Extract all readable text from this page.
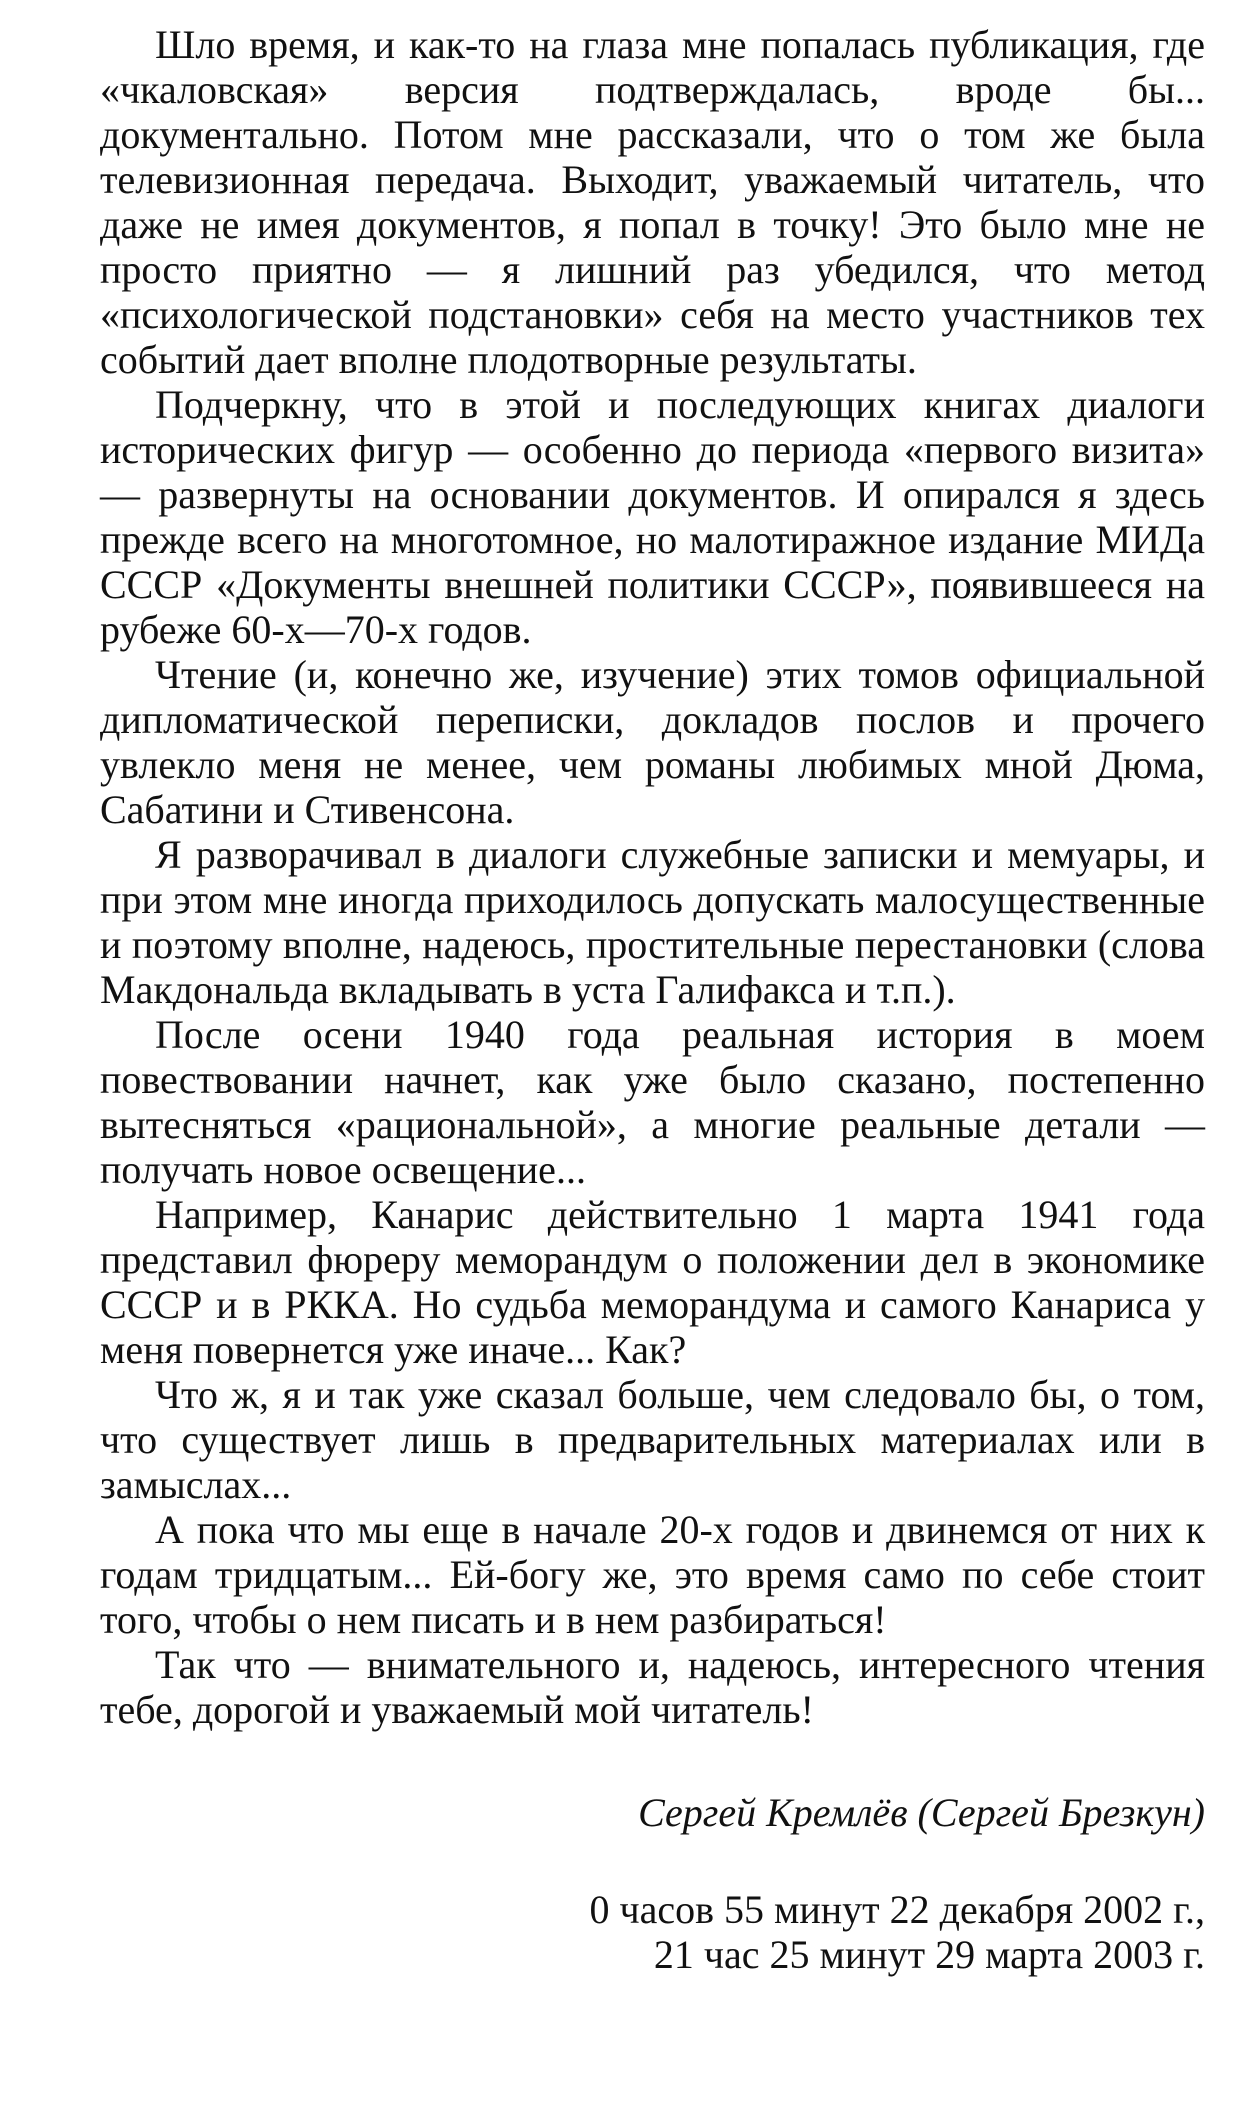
Шло время, и как-то на глаза мне попалась публикация, где «чкаловская» версия подтверждалась, вроде бы... документально. Потом мне рассказали, что о том же была телевизионная передача. Выходит, уважаемый читатель, что даже не имея документов, я попал в точку! Это было мне не просто приятно — я лишний раз убедился, что метод «психологической подстановки» себя на место участников тех событий дает вполне плодотворные результаты.

Подчеркну, что в этой и последующих книгах диалоги исторических фигур — особенно до периода «первого визита» — развернуты на основании документов. И опирался я здесь прежде всего на многотомное, но малотиражное издание МИДа СССР «Документы внешней политики СССР», появившееся на рубеже 60-х—70-х годов.

Чтение (и, конечно же, изучение) этих томов официальной дипломатической переписки, докладов послов и прочего увлекло меня не менее, чем романы любимых мной Дюма, Сабатини и Стивенсона.

Я разворачивал в диалоги служебные записки и мемуары, и при этом мне иногда приходилось допускать малосущественные и поэтому вполне, надеюсь, простительные перестановки (слова Макдональда вкладывать в уста Галифакса и т.п.).

После осени 1940 года реальная история в моем повествовании начнет, как уже было сказано, постепенно вытесняться «рациональной», а многие реальные детали — получать новое освещение...

Например, Канарис действительно 1 марта 1941 года представил фюреру меморандум о положении дел в экономике СССР и в РККА. Но судьба меморандума и самого Канариса у меня повернется уже иначе... Как?

Что ж, я и так уже сказал больше, чем следовало бы, о том, что существует лишь в предварительных материалах или в замыслах...

А пока что мы еще в начале 20-х годов и двинемся от них к годам тридцатым... Ей-богу же, это время само по себе стоит того, чтобы о нем писать и в нем разбираться!

Так что — внимательного и, надеюсь, интересного чтения тебе, дорогой и уважаемый мой читатель!

Сергей Кремлёв (Сергей Брезкун)

0 часов 55 минут 22 декабря 2002 г.,
21 час 25 минут 29 марта 2003 г.
